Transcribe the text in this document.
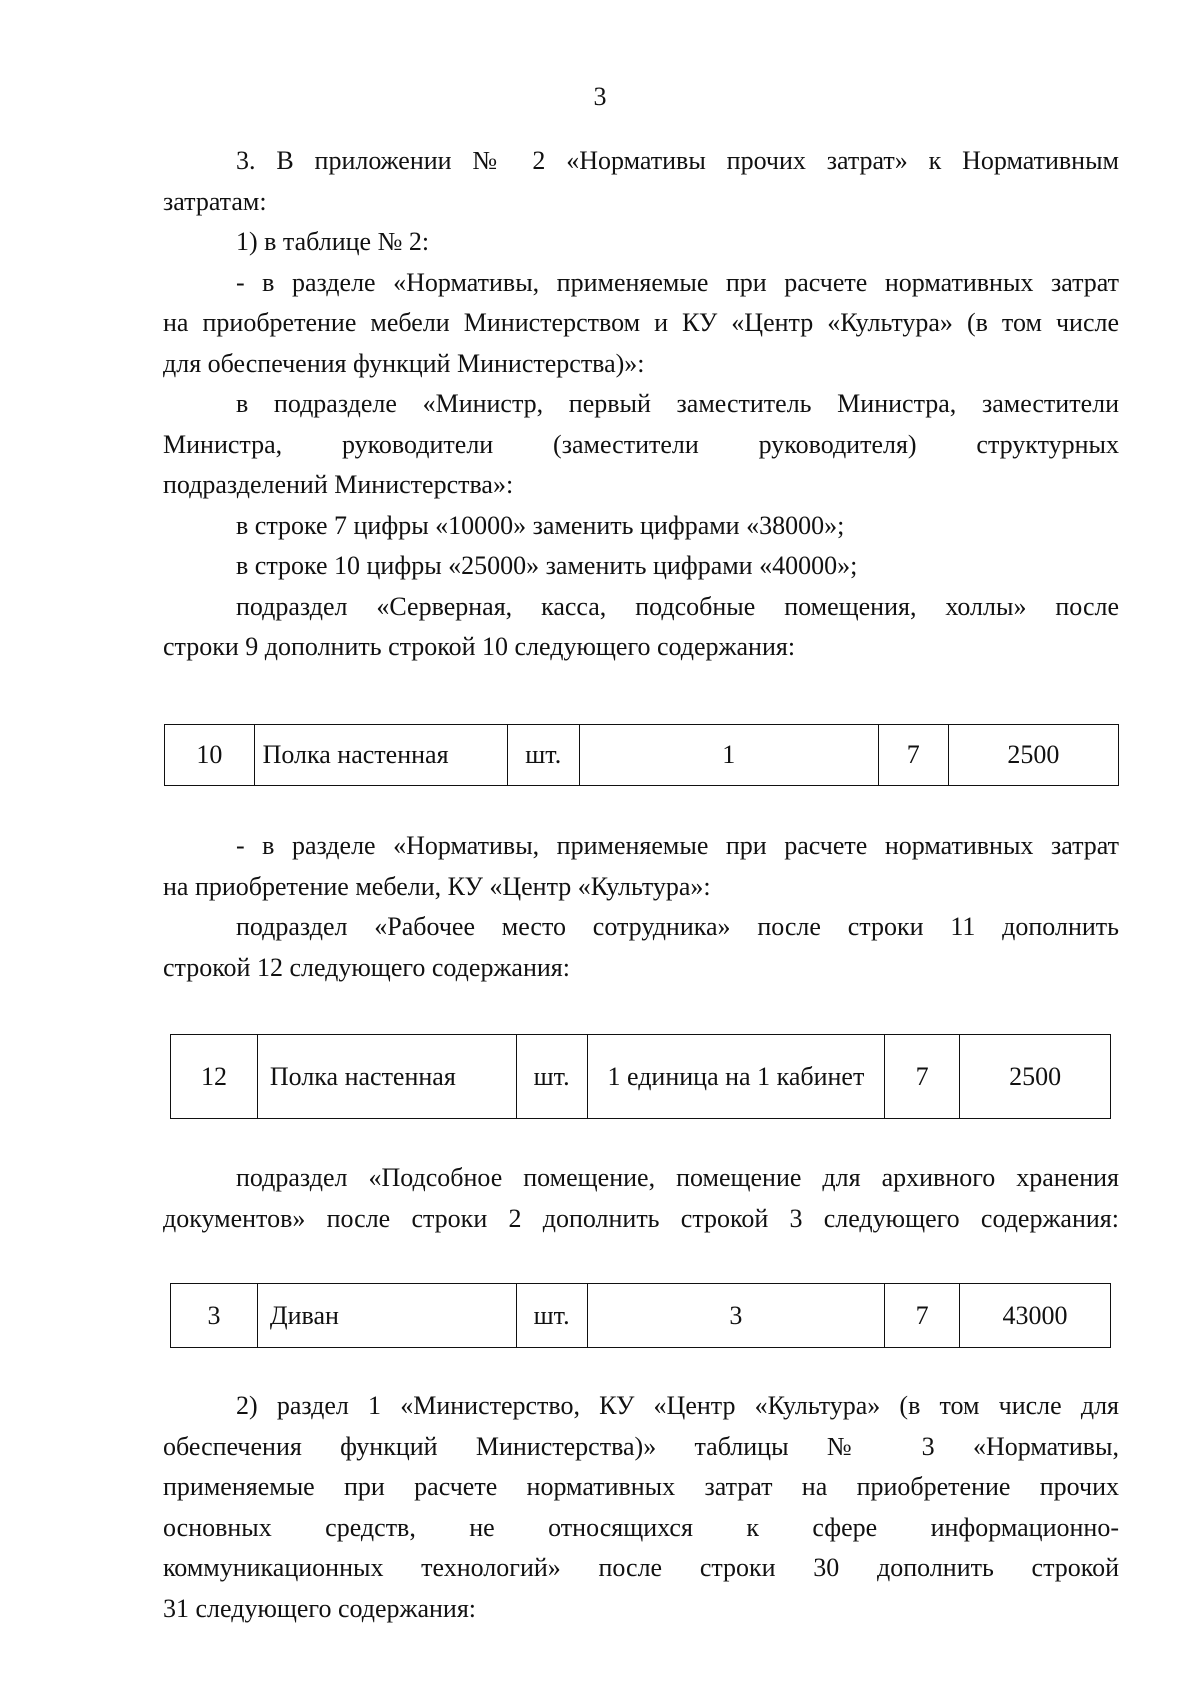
3
3. В приложении № 2 «Нормативы прочих затрат» к Нормативным
затратам:
1) в таблице № 2:
- в разделе «Нормативы, применяемые при расчете нормативных затрат
на приобретение мебели Министерством и КУ «Центр «Культура» (в том числе
для обеспечения функций Министерства)»:
в подразделе «Министр, первый заместитель Министра, заместители
Министра, руководители (заместители руководителя) структурных
подразделений Министерства»:
в строке 7 цифры «10000» заменить цифрами «38000»;
в строке 10 цифры «25000» заменить цифрами «40000»;
подраздел «Серверная, касса, подсобные помещения, холлы» после
строки 9 дополнить строкой 10 следующего содержания:
10	Полка настенная	шт.	1	7	2500
- в разделе «Нормативы, применяемые при расчете нормативных затрат
на приобретение мебели, КУ «Центр «Культура»:
подраздел «Рабочее место сотрудника» после строки 11 дополнить
строкой 12 следующего содержания:
12	Полка настенная	шт.	1 единица на 1 кабинет	7	2500
подраздел «Подсобное помещение, помещение для архивного хранения
документов» после строки 2 дополнить строкой 3 следующего содержания:
3	Диван	шт.	3	7	43000
2) раздел 1 «Министерство, КУ «Центр «Культура» (в том числе для
обеспечения функций Министерства)» таблицы № 3 «Нормативы,
применяемые при расчете нормативных затрат на приобретение прочих
основных средств, не относящихся к сфере информационно-
коммуникационных технологий» после строки 30 дополнить строкой
31 следующего содержания:
